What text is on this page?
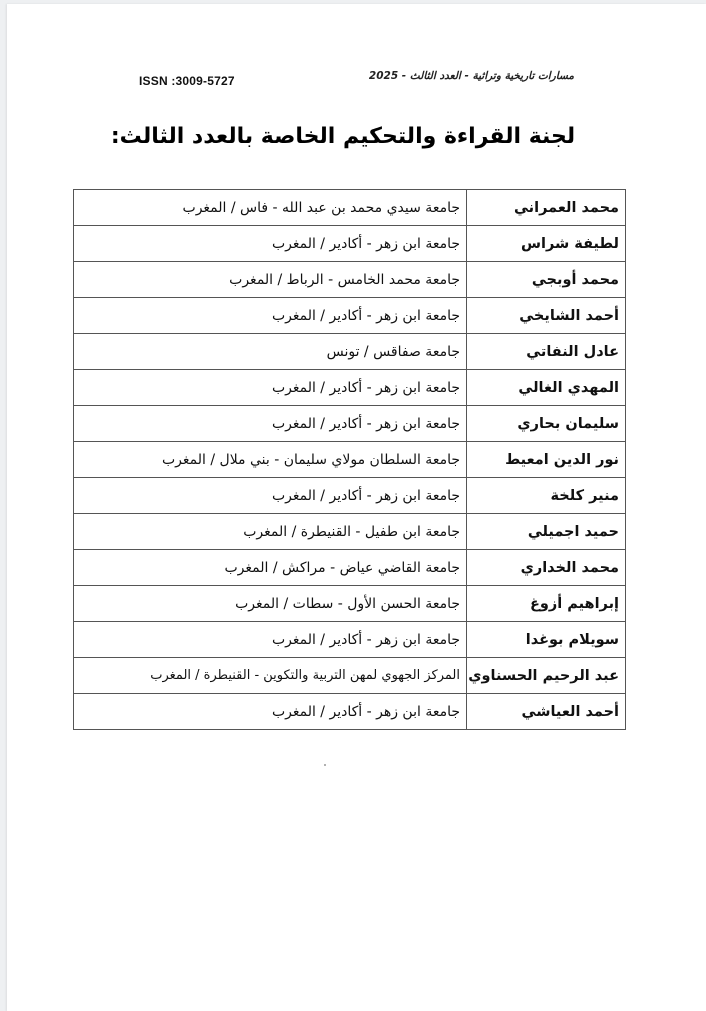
ISSN :3009-5727	مسارات تاريخية وتراثية - العدد الثالث - 2025
لجنة القراءة والتحكيم الخاصة بالعدد الثالث:
محمد العمراني	جامعة سيدي محمد بن عبد الله - فاس / المغرب
لطيفة شراس	جامعة ابن زهر - أكادير / المغرب
محمد أوبجي	جامعة محمد الخامس - الرباط / المغرب
أحمد الشايخي	جامعة ابن زهر - أكادير / المغرب
عادل النفاتي	جامعة صفاقس / تونس
المهدي الغالي	جامعة ابن زهر - أكادير / المغرب
سليمان بحاري	جامعة ابن زهر - أكادير / المغرب
نور الدين امعيط	جامعة السلطان مولاي سليمان - بني ملال / المغرب
منير كلخة	جامعة ابن زهر - أكادير / المغرب
حميد اجميلي	جامعة ابن طفيل - القنيطرة / المغرب
محمد الخداري	جامعة القاضي عياض - مراكش / المغرب
إبراهيم أزوغ	جامعة الحسن الأول - سطات / المغرب
سويلام بوغدا	جامعة ابن زهر - أكادير / المغرب
عبد الرحيم الحسناوي	المركز الجهوي لمهن التربية والتكوين - القنيطرة / المغرب
أحمد العياشي	جامعة ابن زهر - أكادير / المغرب
